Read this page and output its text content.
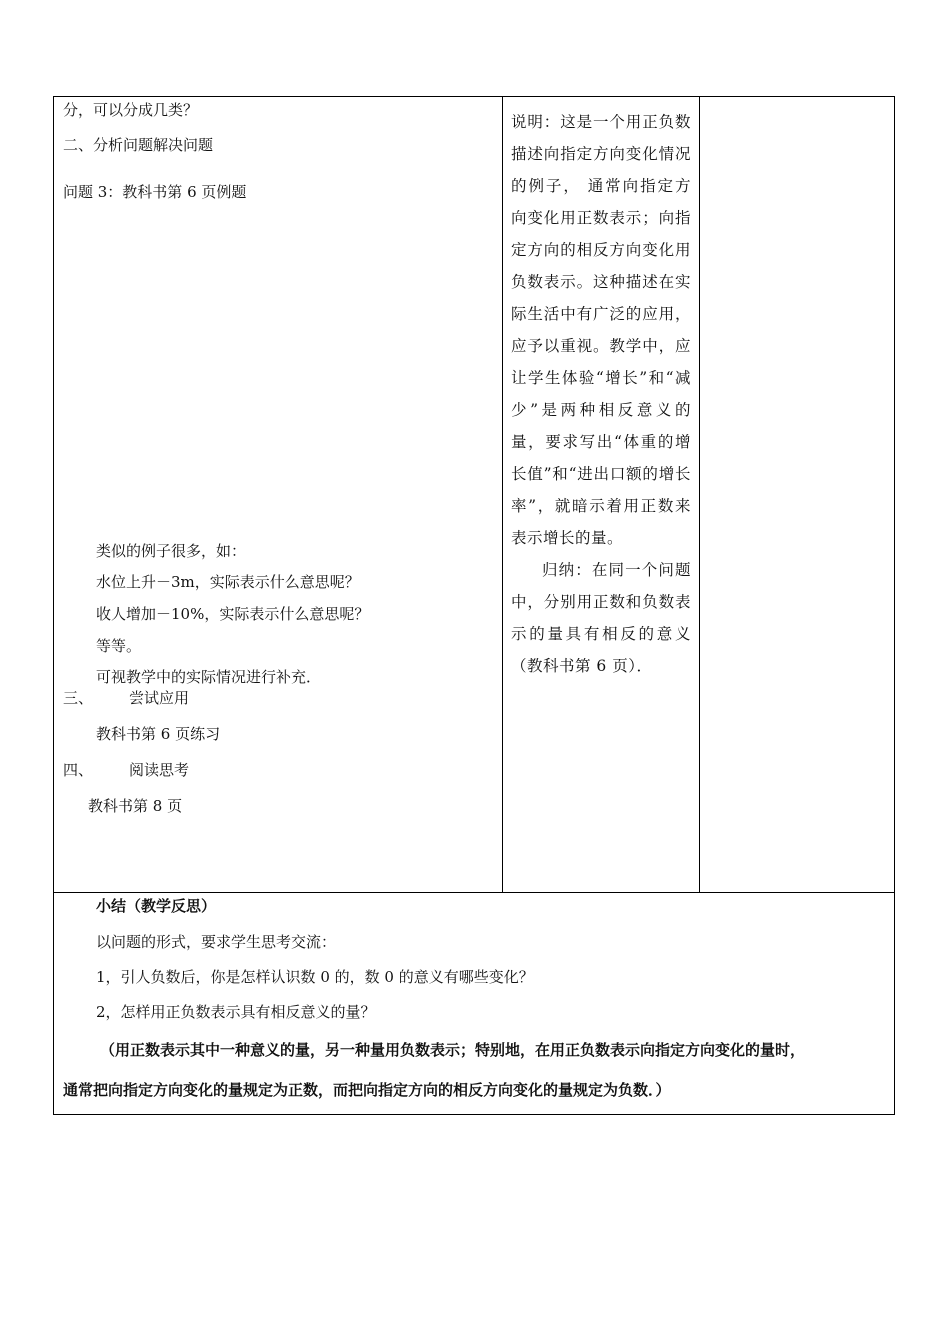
分，可以分成几类？
二、分析问题解决问题
问题 3：教科书第 6 页例题
类似的例子很多，如：
水位上升－3m，实际表示什么意思呢？
收人增加－10%，实际表示什么意思呢？
等等。
可视教学中的实际情况进行补充．
三、 尝试应用
教科书第 6 页练习
四、 阅读思考
教科书第 8 页

说明：这是一个用正负数描述向指定方向变化情况的例子， 通常向指定方向变化用正数表示；向指定方向的相反方向变化用负数表示。这种描述在实际生活中有广泛的应用，应予以重视。教学中，应让学生体验“增长”和“减少”是两种相反意义的量，要求写出“体重的增长值”和“进出口额的增长率”，就暗示着用正数来表示增长的量。

归纳：在同一个问题中，分别用正数和负数表示的量具有相反的意义（教科书第 6 页）．

小结（教学反思）
以问题的形式，要求学生思考交流：
1，引人负数后，你是怎样认识数 0 的，数 0 的意义有哪些变化？
2，怎样用正负数表示具有相反意义的量？
（用正数表示其中一种意义的量，另一种量用负数表示；特别地，在用正负数表示向指定方向变化的量时，
通常把向指定方向变化的量规定为正数，而把向指定方向的相反方向变化的量规定为负数．）
